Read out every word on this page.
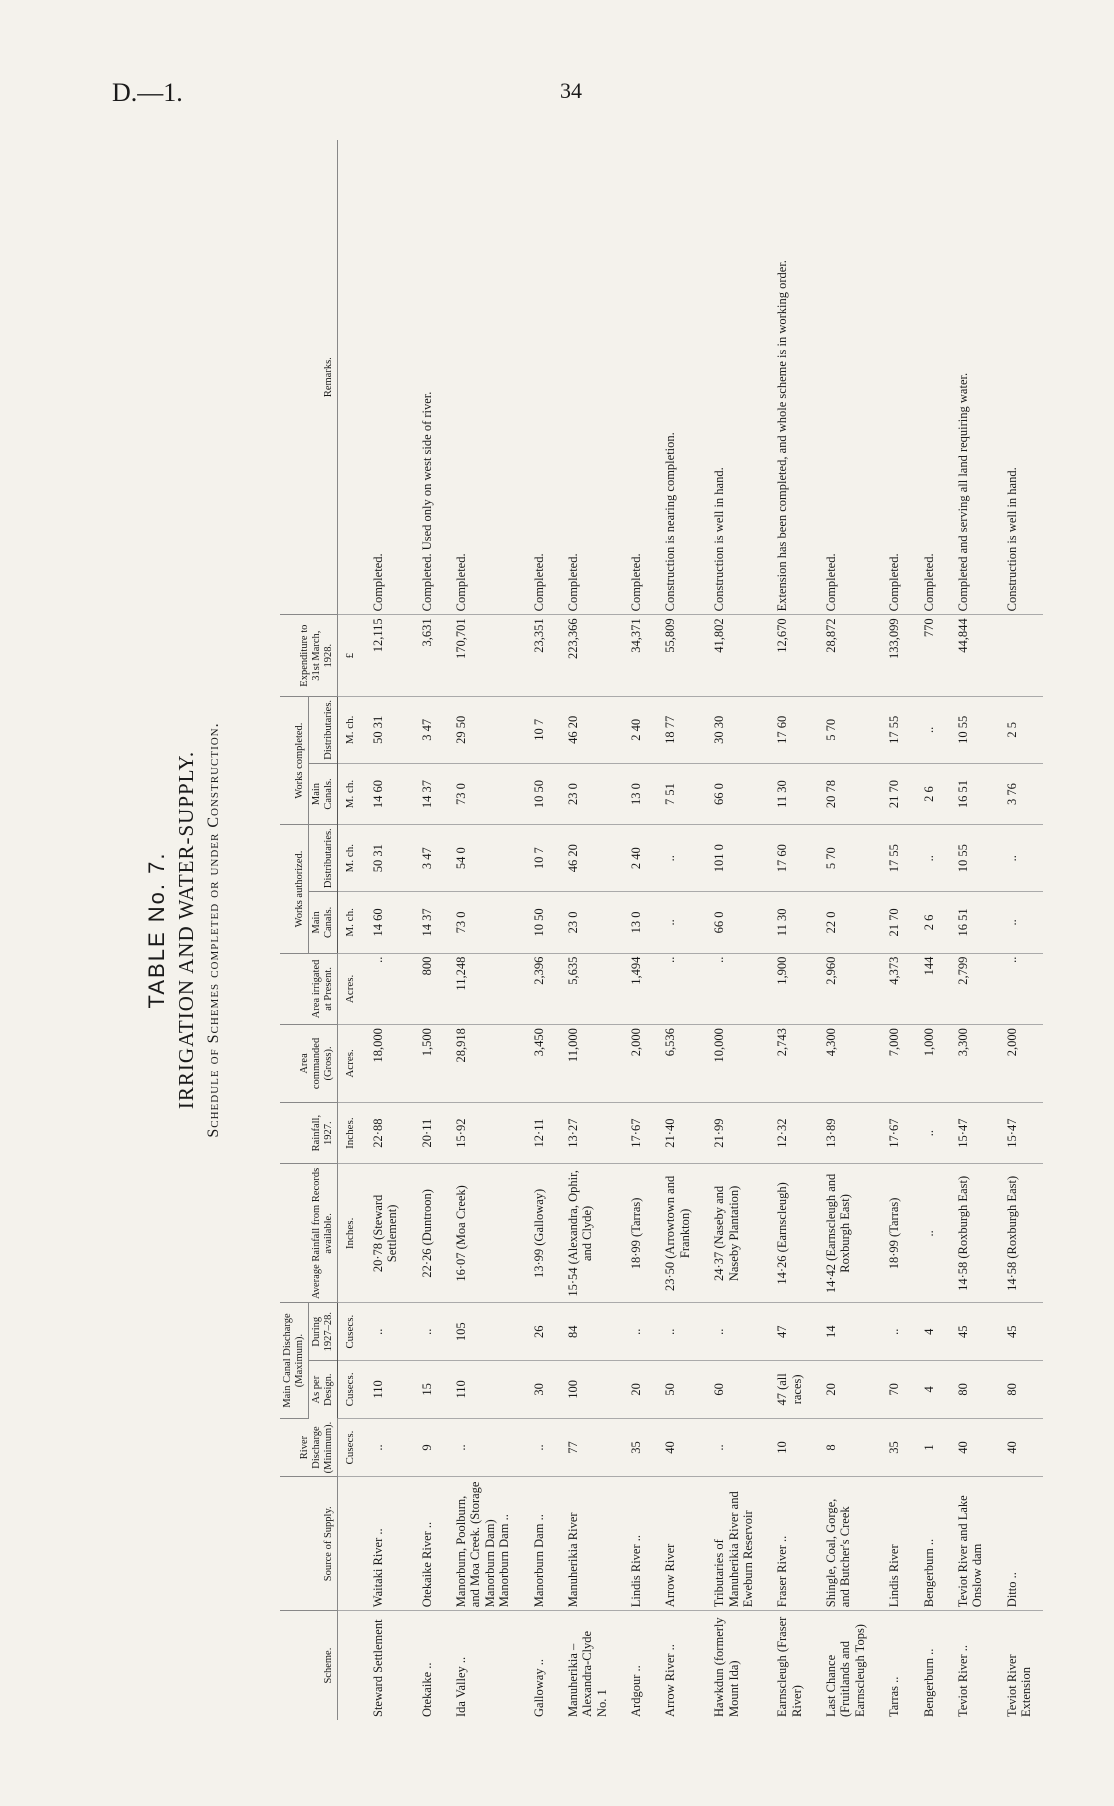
D.—1.	34
TABLE No. 7. IRRIGATION AND WATER-SUPPLY. Schedule of Schemes completed or under Construction.
Scheme.	Source of Supply.	River Discharge (Minimum).	Main Canal Discharge (Maximum).		Average Rainfall from Records available.	Rainfall, 1927.	Area commanded (Gross).	Area irrigated at Present.	Works authorized.		Works completed.		Expenditure to 31st March, 1928.	Remarks.
			As per Design.	During 1927–28.					Main Canals.	Distributaries.	Main Canals.	Distributaries.		
		Cusecs.	Cusecs.	Cusecs.	Inches.	Inches.	Acres.	Acres.	M. ch.	M. ch.	M. ch.	M. ch.	£	
Steward Settlement	Waitaki River ..	..	110	..	20·78 (Steward Settlement)	22·88	18,000	..	14 60	50 31	14 60	50 31	12,115	Completed.
Otekaike ..	Otekaike River ..	9	15	..	22·26 (Duntroon)	20·11	1,500	800	14 37	3 47	14 37	3 47	3,631	Completed. Used only on west side of river.
Ida Valley ..	Manorburn, Poolburn, and Moa Creek. (Storage Manorburn Dam) Manorburn Dam ..	..	110	105	16·07 (Moa Creek)	15·92	28,918	11,248	73 0	54 0	73 0	29 50	170,701	Completed.
Galloway ..	Manorburn Dam ..	..	30	26	13·99 (Galloway)	12·11	3,450	2,396	10 50	10 7	10 50	10 7	23,351	Completed.
Manuherikia – Alexandra-Clyde No. 1	Manuherikia River	77	100	84	15·54 (Alexandra, Ophir, and Clyde)	13·27	11,000	5,635	23 0	46 20	23 0	46 20	223,366	Completed.
Ardgour ..	Lindis River ..	35	20	..	18·99 (Tarras)	17·67	2,000	1,494	13 0	2 40	13 0	2 40	34,371	Completed.
Arrow River ..	Arrow River	40	50	..	23·50 (Arrowtown and Frankton)	21·40	6,536	..	..	..	7 51	18 77	55,809	Construction is nearing completion.
Hawkdun (formerly Mount Ida)	Tributaries of Manuherikia River and Eweburn Reservoir	..	60	..	24·37 (Naseby and Naseby Plantation)	21·99	10,000	..	66 0	101 0	66 0	30 30	41,802	Construction is well in hand.
Earnscleugh (Fraser River)	Fraser River ..	10	47 (all races)	47	14·26 (Earnscleugh)	12·32	2,743	1,900	11 30	17 60	11 30	17 60	12,670	Extension has been completed, and whole scheme is in working order.
Last Chance (Fruitlands and Earnscleugh Tops)	Shingle, Coal, Gorge, and Butcher's Creek	8	20	14	14·42 (Earnscleugh and Roxburgh East)	13·89	4,300	2,960	22 0	5 70	20 78	5 70	28,872	Completed.
Tarras ..	Lindis River	35	70	..	18·99 (Tarras)	17·67	7,000	4,373	21 70	17 55	21 70	17 55	133,099	Completed.
Bengerburn ..	Bengerburn ..	1	4	4	..	..	1,000	144	2 6	..	2 6	..	770	Completed.
Teviot River ..	Teviot River and Lake Onslow dam	40	80	45	14·58 (Roxburgh East)	15·47	3,300	2,799	16 51	10 55	16 51	10 55	44,844	Completed and serving all land requiring water.
Teviot River Extension	Ditto ..	40	80	45	14·58 (Roxburgh East)	15·47	2,000	..	..	..	3 76	2 5		Construction is well in hand.
